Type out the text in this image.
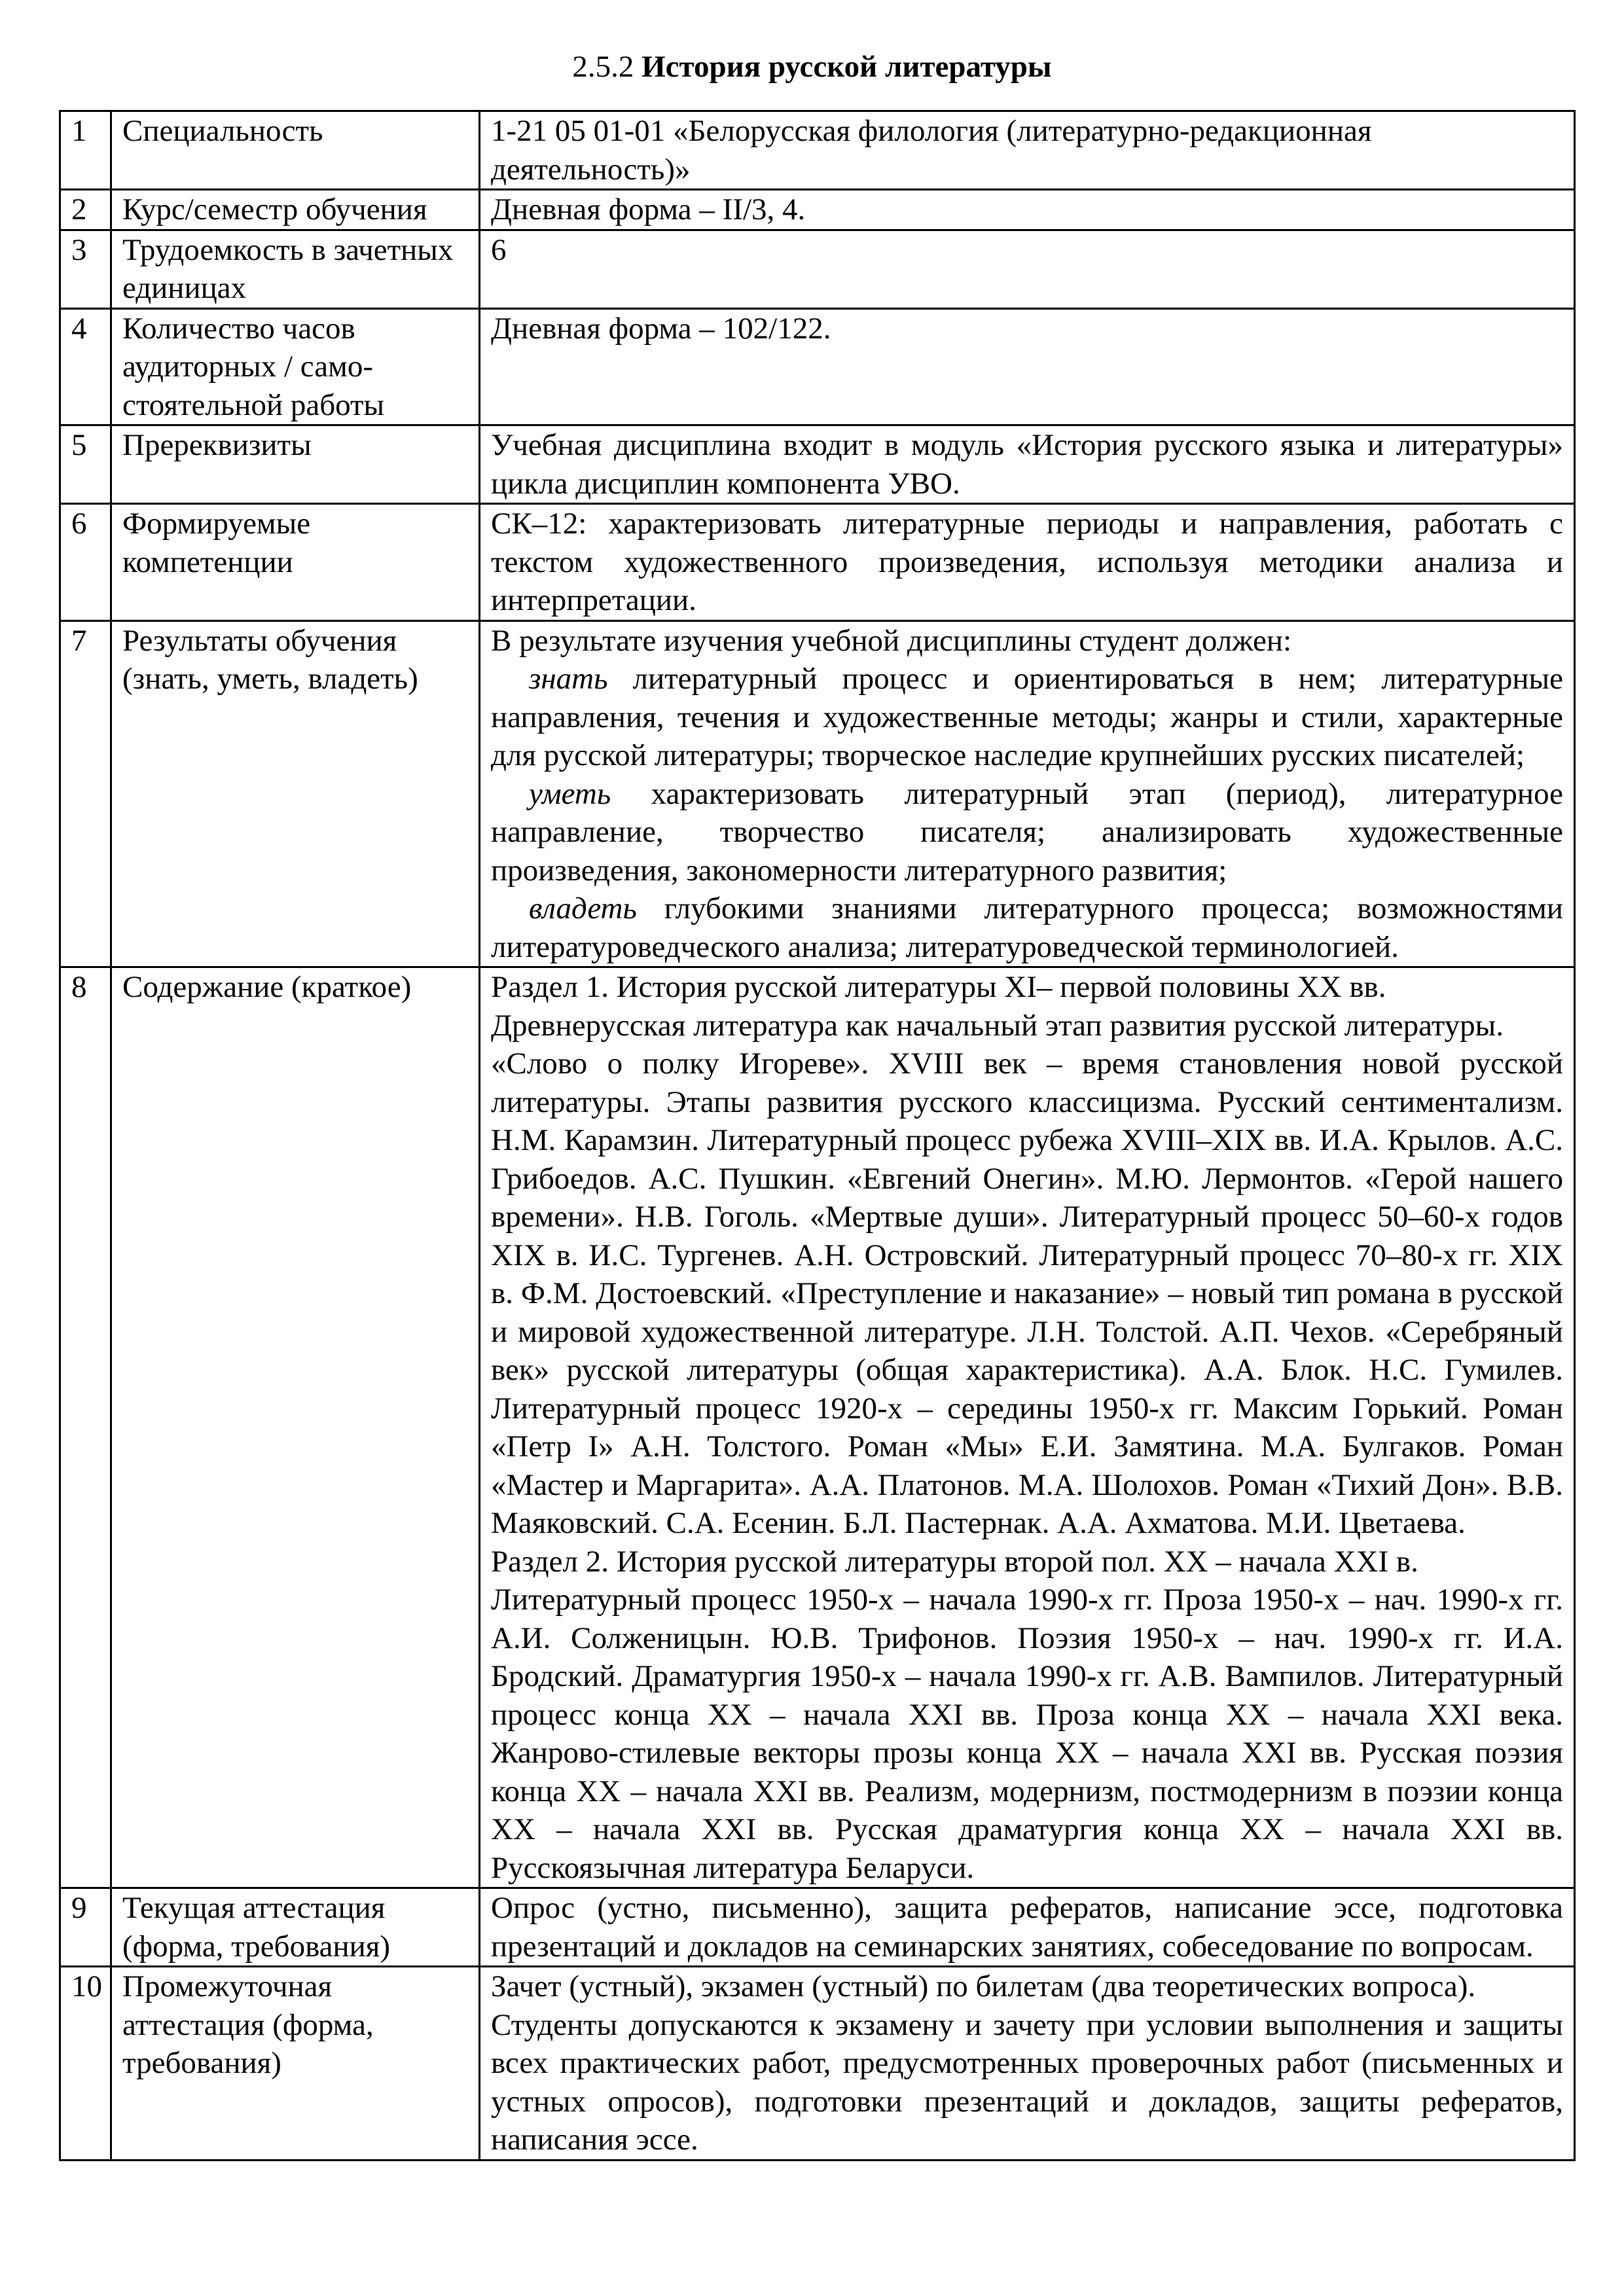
2.5.2 История русской литературы
1	Специальность	1-21 05 01-01 «Белорусская филология (литературно-редакционная деятельность)»
2	Курс/семестр обучения	Дневная форма – II/3, 4.
3	Трудоемкость в зачетных единицах	6
4	Количество часов аудиторных / само-стоятельной работы	Дневная форма – 102/122.
5	Пререквизиты	Учебная дисциплина входит в модуль «История русского языка и литературы» цикла дисциплин компонента УВО.
6	Формируемые компетенции	СК–12: характеризовать литературные периоды и направления, работать с текстом художественного произведения, используя методики анализа и интерпретации.
7	Результаты обучения (знать, уметь, владеть)	В результате изучения учебной дисциплины студент должен:
знать литературный процесс и ориентироваться в нем; литературные направления, течения и художественные методы; жанры и стили, характерные для русской литературы; творческое наследие крупнейших русских писателей;
уметь характеризовать литературный этап (период), литературное направление, творчество писателя; анализировать художественные произведения, закономерности литературного развития;
владеть глубокими знаниями литературного процесса; возможностями литературоведческого анализа; литературоведческой терминологией.

8	Содержание (краткое)	Раздел 1. История русской литературы XI– первой половины XX вв.
Древнерусская литература как начальный этап развития русской литературы.
«Слово о полку Игореве». XVIII век – время становления новой русской литературы. Этапы развития русского классицизма. Русский сентиментализм. Н.М. Карамзин. Литературный процесс рубежа XVIII–XIX вв. И.А. Крылов. А.С. Грибоедов. А.С. Пушкин. «Евгений Онегин». М.Ю. Лермонтов. «Герой нашего времени». Н.В. Гоголь. «Мертвые души». Литературный процесс 50–60-х годов XIX в. И.С. Тургенев. А.Н. Островский. Литературный процесс 70–80-х гг. XIX в. Ф.М. Достоевский. «Преступление и наказание» – новый тип романа в русской и мировой художественной литературе. Л.Н. Толстой. А.П. Чехов. «Серебряный век» русской литературы (общая характеристика). А.А. Блок. Н.С. Гумилев. Литературный процесс 1920-х – середины 1950-х гг. Максим Горький. Роман «Петр I» А.Н. Толстого. Роман «Мы» Е.И. Замятина. М.А. Булгаков. Роман «Мастер и Маргарита». А.А. Платонов. М.А. Шолохов. Роман «Тихий Дон». В.В. Маяковский. С.А. Есенин. Б.Л. Пастернак. А.А. Ахматова. М.И. Цветаева.
Раздел 2. История русской литературы второй пол. XX – начала XXI в.
Литературный процесс 1950-х – начала 1990-х гг. Проза 1950-х – нач. 1990-х гг. А.И. Солженицын. Ю.В. Трифонов. Поэзия 1950-х – нач. 1990-х гг. И.А. Бродский. Драматургия 1950-х – начала 1990-х гг. А.В. Вампилов. Литературный процесс конца XX – начала XXI вв. Проза конца XX – начала XXI века. Жанрово-стилевые векторы прозы конца XX – начала XXI вв. Русская поэзия конца XX – начала XXI вв. Реализм, модернизм, постмодернизм в поэзии конца XX – начала XXI вв. Русская драматургия конца XX – начала XXI вв. Русскоязычная литература Беларуси.

9	Текущая аттестация (форма, требования)	Опрос (устно, письменно), защита рефератов, написание эссе, подготовка презентаций и докладов на семинарских занятиях, собеседование по вопросам.
10	Промежуточная аттестация (форма, требования)	Зачет (устный), экзамен (устный) по билетам (два теоретических вопроса).
Студенты допускаются к экзамену и зачету при условии выполнения и защиты всех практических работ, предусмотренных проверочных работ (письменных и устных опросов), подготовки презентаций и докладов, защиты рефератов, написания эссе.
